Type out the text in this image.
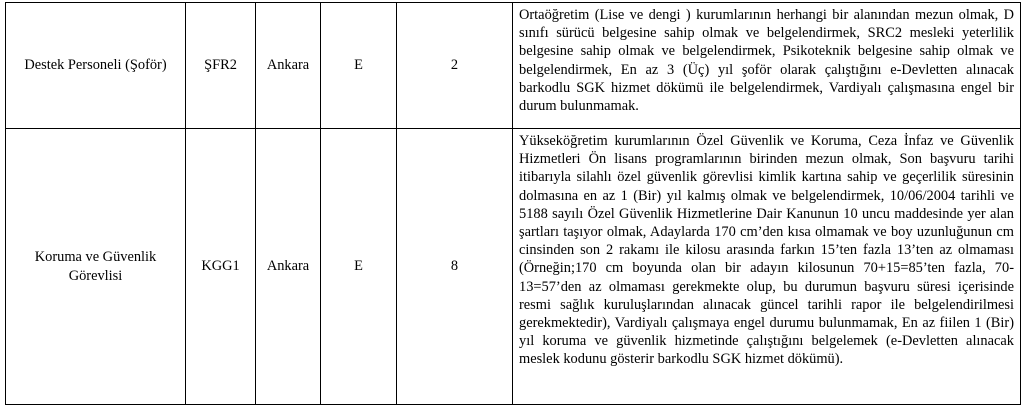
Destek Personeli (Şoför)	ŞFR2	Ankara	E	2	Ortaöğretim (Lise ve dengi ) kurumlarının herhangi bir alanından mezun olmak, D sınıfı sürücü belgesine sahip olmak ve belgelendirmek, SRC2 mesleki yeterlilik belgesine sahip olmak ve belgelendirmek, Psikoteknik belgesine sahip olmak ve belgelendirmek, En az 3 (Üç) yıl şoför olarak çalıştığını e-Devletten alınacak barkodlu SGK hizmet dökümü ile belgelendirmek, Vardiyalı çalışmasına engel bir durum bulunmamak.

Koruma ve Güvenlik Görevlisi	KGG1	Ankara	E	8	Yükseköğretim kurumlarının Özel Güvenlik ve Koruma, Ceza İnfaz ve Güvenlik Hizmetleri Ön lisans programlarının birinden mezun olmak, Son başvuru tarihi itibarıyla silahlı özel güvenlik görevlisi kimlik kartına sahip ve geçerlilik süresinin dolmasına en az 1 (Bir) yıl kalmış olmak ve belgelendirmek, 10/06/2004 tarihli ve 5188 sayılı Özel Güvenlik Hizmetlerine Dair Kanunun 10 uncu maddesinde yer alan şartları taşıyor olmak, Adaylarda 170 cm’den kısa olmamak ve boy uzunluğunun cm cinsinden son 2 rakamı ile kilosu arasında farkın 15’ten fazla 13’ten az olmaması (Örneğin;170 cm boyunda olan bir adayın kilosunun 70+15=85’ten fazla, 70-13=57’den az olmaması gerekmekte olup, bu durumun başvuru süresi içerisinde resmi sağlık kuruluşlarından alınacak güncel tarihli rapor ile belgelendirilmesi gerekmektedir), Vardiyalı çalışmaya engel durumu bulunmamak, En az fiilen 1 (Bir) yıl koruma ve güvenlik hizmetinde çalıştığını belgelemek (e-Devletten alınacak meslek kodunu gösterir barkodlu SGK hizmet dökümü).
